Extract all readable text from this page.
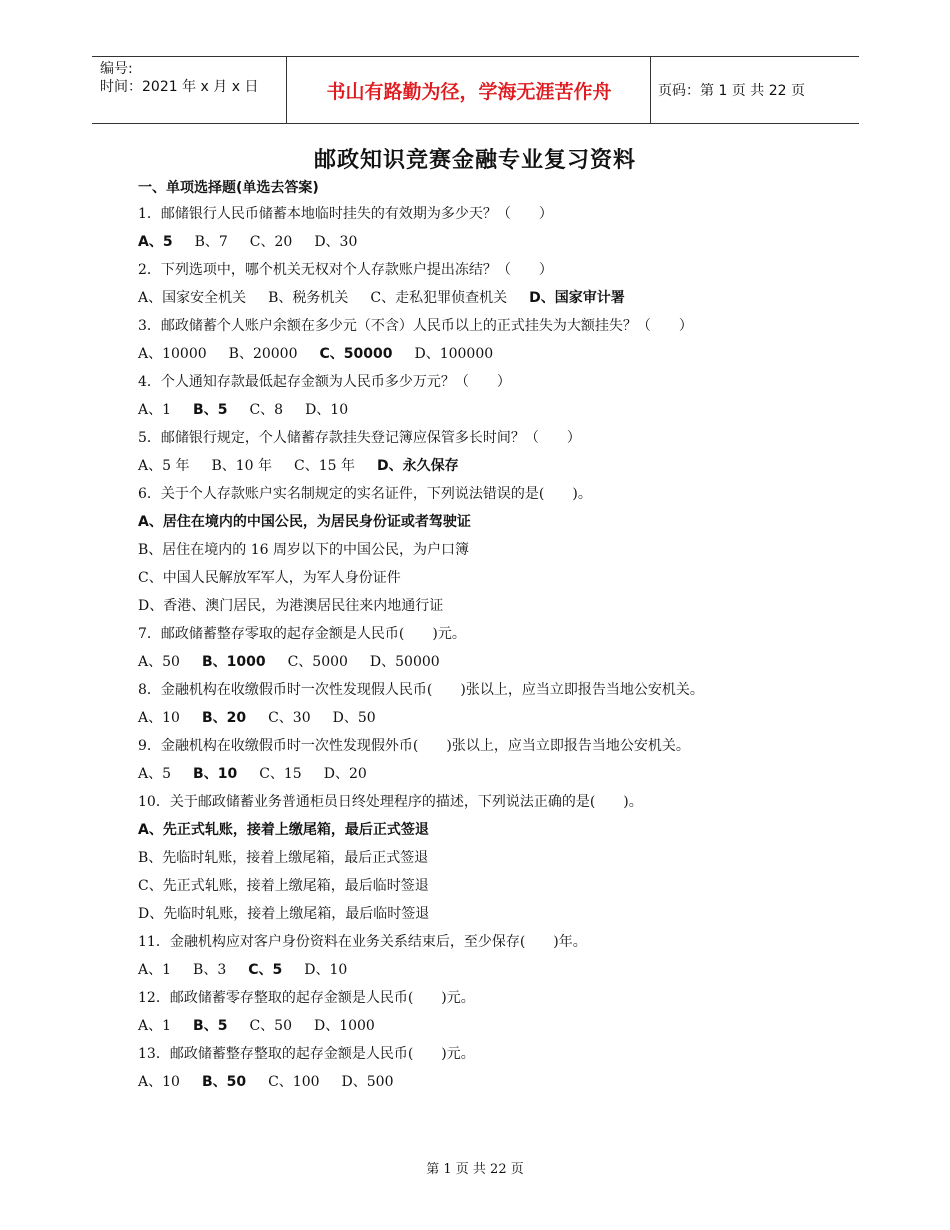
编号:
时间：2021 年 x 月 x 日	书山有路勤为径，学海无涯苦作舟	页码：第 1 页 共 22 页
邮政知识竞赛金融专业复习资料
一、单项选择题(单选去答案)
1．邮储银行人民币储蓄本地临时挂失的有效期为多少天？（　　）
A、5 B、7 C、20 D、30
2．下列选项中，哪个机关无权对个人存款账户提出冻结？（　　）
A、国家安全机关 B、税务机关 C、走私犯罪侦查机关 D、国家审计署
3．邮政储蓄个人账户余额在多少元（不含）人民币以上的正式挂失为大额挂失？（　　）
A、10000 B、20000 C、50000 D、100000
4．个人通知存款最低起存金额为人民币多少万元？（　　）
A、1 B、5 C、8 D、10
5．邮储银行规定，个人储蓄存款挂失登记簿应保管多长时间？（　　）
A、5 年 B、10 年 C、15 年 D、永久保存
6．关于个人存款账户实名制规定的实名证件，下列说法错误的是(　　)。
A、居住在境内的中国公民，为居民身份证或者驾驶证
B、居住在境内的 16 周岁以下的中国公民，为户口簿
C、中国人民解放军军人，为军人身份证件
D、香港、澳门居民，为港澳居民往来内地通行证
7．邮政储蓄整存零取的起存金额是人民币(　　)元。
A、50 B、1000 C、5000 D、50000
8．金融机构在收缴假币时一次性发现假人民币(　　)张以上，应当立即报告当地公安机关。
A、10 B、20 C、30 D、50
9．金融机构在收缴假币时一次性发现假外币(　　)张以上，应当立即报告当地公安机关。
A、5 B、10 C、15 D、20
10．关于邮政储蓄业务普通柜员日终处理程序的描述，下列说法正确的是(　　)。
A、先正式轧账，接着上缴尾箱，最后正式签退
B、先临时轧账，接着上缴尾箱，最后正式签退
C、先正式轧账，接着上缴尾箱，最后临时签退
D、先临时轧账，接着上缴尾箱，最后临时签退
11．金融机构应对客户身份资料在业务关系结束后，至少保存(　　)年。
A、1 B、3 C、5 D、10
12．邮政储蓄零存整取的起存金额是人民币(　　)元。
A、1 B、5 C、50 D、1000
13．邮政储蓄整存整取的起存金额是人民币(　　)元。
A、10 B、50 C、100 D、500
第 1 页 共 22 页
